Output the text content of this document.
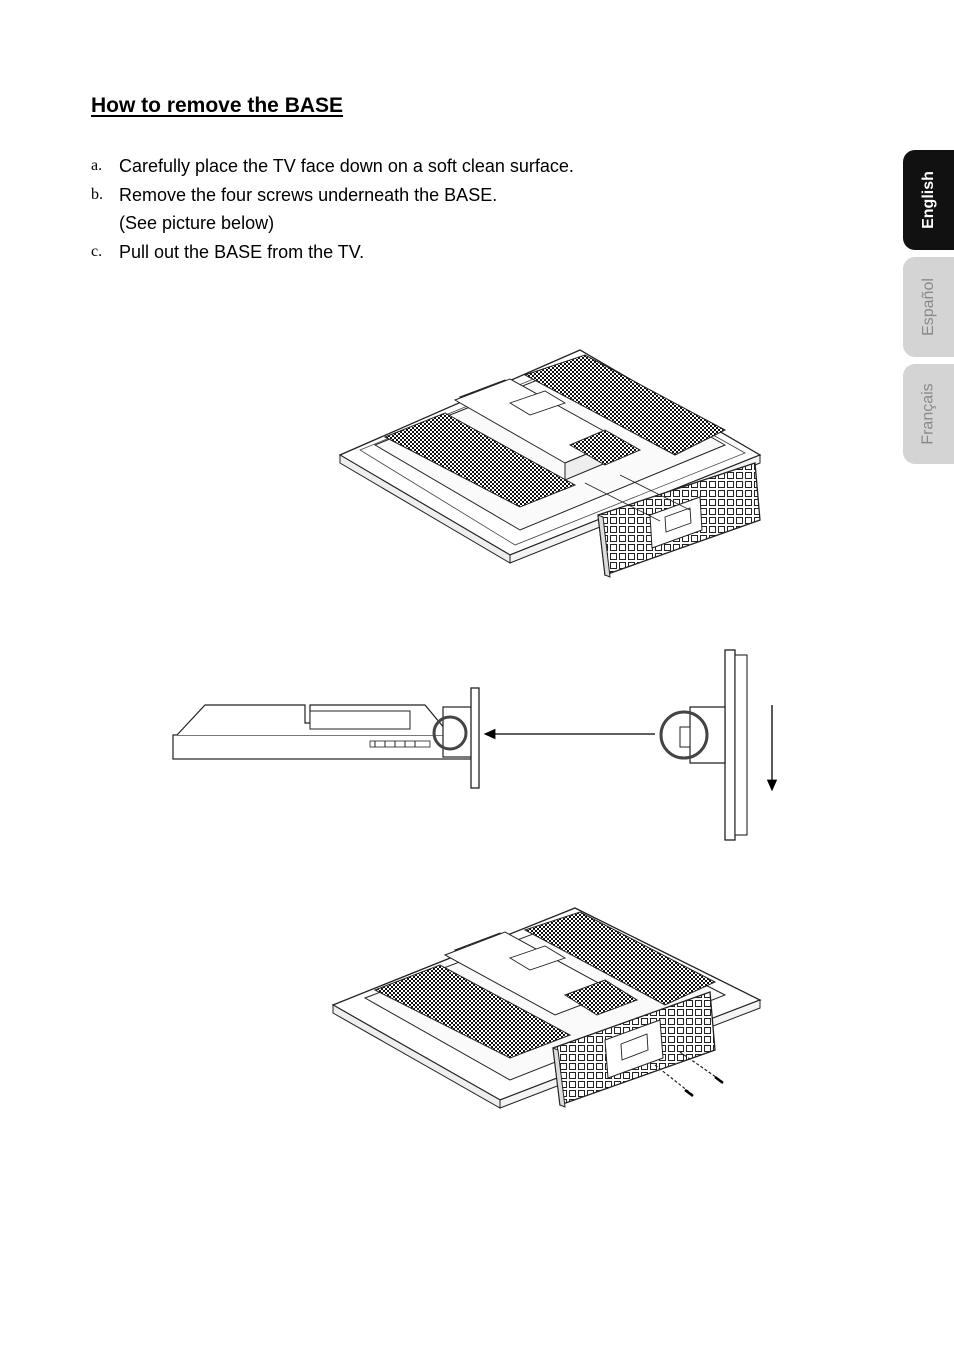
How to remove the BASE
a. Carefully place the TV face down on a soft clean surface.
b. Remove the four screws underneath the BASE.
(See picture below)
c. Pull out the BASE from the TV.
English
Español
Français
